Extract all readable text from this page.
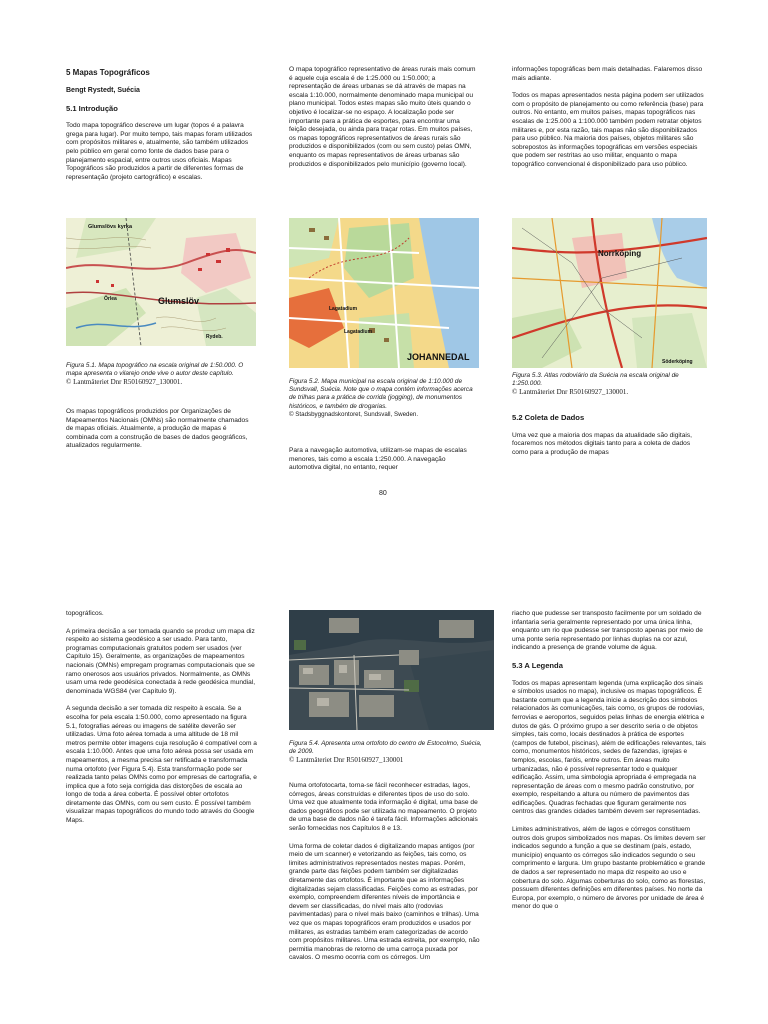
5 Mapas Topográficos

Bengt Rystedt, Suécia

5.1 Introdução

Todo mapa topográfico descreve um lugar (topos é a palavra grega para lugar). Por muito tempo, tais mapas foram utilizados com propósitos militares e, atualmente, são também utilizados pelo público em geral como fonte de dados base para o planejamento espacial, entre outros usos oficiais. Mapas Topográficos são produzidos a partir de diferentes formas de representação (projeto cartográfico) e escalas.

Glumslövs kyrka
Glumslöv
Örlea
Rydeb.
Figura 5.1. Mapa topográfico na escala original de 1:50.000. O mapa apresenta o vilarejo onde vive o autor deste capítulo.
© Lantmäteriet Dnr R50160927_130001.

Os mapas topográficos produzidos por Organizações de Mapeamentos Nacionais (OMNs) são normalmente chamados de mapas oficiais. Atualmente, a produção de mapas é combinada com a construção de bases de dados geográficos, atualizados regularmente.

O mapa topográfico representativo de áreas rurais mais comum é aquele cuja escala é de 1:25.000 ou 1:50.000; a representação de áreas urbanas se dá através de mapas na escala 1:10.000, normalmente denominado mapa municipal ou plano municipal. Todos estes mapas são muito úteis quando o objetivo é localizar-se no espaço. A localização pode ser importante para a prática de esportes, para encontrar uma feição desejada, ou ainda para traçar rotas. Em muitos países, os mapas topográficos representativos de áreas rurais são produzidos e disponibilizados (com ou sem custo) pelas OMN, enquanto os mapas representativos de áreas urbanas são produzidos e disponibilizados pelo município (governo local).

Lagatadium
Lagatadium
JOHANNEDAL
Figura 5.2. Mapa municipal na escala original de 1:10.000 de Sundsvall, Suécia. Note que o mapa contém informações acerca de trilhas para a prática de corrida (jogging), de monumentos históricos, e também de drogarias.
© Stadsbyggnadskontoret, Sundsvall, Sweden.

Para a navegação automotiva, utilizam-se mapas de escalas menores, tais como a escala 1:250.000. A navegação automotiva digital, no entanto, requer

informações topográficas bem mais detalhadas. Falaremos disso mais adiante.

Todos os mapas apresentados nesta página podem ser utilizados com o propósito de planejamento ou como referência (base) para outros. No entanto, em muitos países, mapas topográficos nas escalas de 1:25.000 a 1:100.000 também podem retratar objetos militares e, por esta razão, tais mapas não são disponibilizados para uso público. Na maioria dos países, objetos militares são sobrepostos às informações topográficas em versões especiais que podem ser restritas ao uso militar, enquanto o mapa topográfico convencional é disponibilizado para uso público.

Norrköping
Söderköping
Figura 5.3. Atlas rodoviário da Suécia na escala original de 1:250.000.
© Lantmäteriet Dnr R50160927_130001.

5.2 Coleta de Dados

Uma vez que a maioria dos mapas da atualidade são digitais, focaremos nos métodos digitais tanto para a coleta de dados como para a produção de mapas

80

topográficos.

A primeira decisão a ser tomada quando se produz um mapa diz respeito ao sistema geodésico a ser usado. Para tanto, programas computacionais gratuitos podem ser usados (ver Capítulo 15). Geralmente, as organizações de mapeamentos nacionais (OMNs) empregam programas computacionais que se ramo onerosos aos usuários privados. Normalmente, as OMNs usam uma rede geodésica conectada à rede geodésica mundial, denominada WGS84 (ver Capítulo 9).

A segunda decisão a ser tomada diz respeito à escala. Se a escolha for pela escala 1:50.000, como apresentado na figura 5.1, fotografias aéreas ou imagens de satélite deverão ser utilizadas. Uma foto aérea tomada a uma altitude de 18 mil metros permite obter imagens cuja resolução é compatível com a escala 1:10.000. Antes que uma foto aérea possa ser usada em mapeamentos, a mesma precisa ser retificada e transformada numa ortofoto (ver Figura 5.4). Esta transformação pode ser realizada tanto pelas OMNs como por empresas de cartografia, e implica que a foto seja corrigida das distorções de escala ao longo de toda a área coberta. É possível obter ortofotos diretamente das OMNs, com ou sem custo. É possível também visualizar mapas topográficos do mundo todo através do Google Maps.

Figura 5.4. Apresenta uma ortofoto do centro de Estocolmo, Suécia, de 2009.
© Lantmäteriet Dnr R50160927_130001

Numa ortofotocarta, torna-se fácil reconhecer estradas, lagos, córregos, áreas construídas e diferentes tipos de uso do solo. Uma vez que atualmente toda informação é digital, uma base de dados geográficos pode ser utilizada no mapeamento. O projeto de uma base de dados não é tarefa fácil. Informações adicionais serão fornecidas nos Capítulos 8 e 13.

Uma forma de coletar dados é digitalizando mapas antigos (por meio de um scanner) e vetorizando as feições, tais como, os limites administrativos representados nestes mapas. Porém, grande parte das feições podem também ser digitalizadas diretamente das ortofotos. É importante que as informações digitalizadas sejam classificadas. Feições como as estradas, por exemplo, compreendem diferentes níveis de importância e devem ser classificadas, do nível mais alto (rodovias pavimentadas) para o nível mais baixo (caminhos e trilhas). Uma vez que os mapas topográficos eram produzidos e usados por militares, as estradas também eram categorizadas de acordo com propósitos militares. Uma estrada estreita, por exemplo, não permitia manobras de retorno de uma carroça puxada por cavalos. O mesmo ocorria com os córregos. Um

riacho que pudesse ser transposto facilmente por um soldado de infantaria seria geralmente representado por uma única linha, enquanto um rio que pudesse ser transposto apenas por meio de uma ponte seria representado por linhas duplas na cor azul, indicando a presença de grande volume de água.

5.3 A Legenda

Todos os mapas apresentam legenda (uma explicação dos sinais e símbolos usados no mapa), inclusive os mapas topográficos. É bastante comum que a legenda inicie a descrição dos símbolos relacionados às comunicações, tais como, os grupos de rodovias, ferrovias e aeroportos, seguidos pelas linhas de energia elétrica e dutos de gás. O próximo grupo a ser descrito seria o de objetos simples, tais como, locais destinados à prática de esportes (campos de futebol, piscinas), além de edificações relevantes, tais como, monumentos históricos, sedes de fazendas, igrejas e templos, escolas, faróis, entre outros. Em áreas muito urbanizadas, não é possível representar todo e qualquer edificação. Assim, uma simbologia apropriada é empregada na representação de áreas com o mesmo padrão construtivo, por exemplo, respeitando a altura ou número de pavimentos das edificações. Quadras fechadas que figuram geralmente nos centros das grandes cidades também devem ser representadas.

Limites administrativos, além de lagos e córregos constituem outros dois grupos simbolizados nos mapas. Os limites devem ser indicados segundo a função a que se destinam (país, estado, município) enquanto os córregos são indicados segundo o seu comprimento e largura. Um grupo bastante problemático e grande de dados a ser representado no mapa diz respeito ao uso e cobertura do solo. Algumas coberturas do solo, como as florestas, possuem diferentes definições em diferentes países. No norte da Europa, por exemplo, o número de árvores por unidade de área é menor do que o
